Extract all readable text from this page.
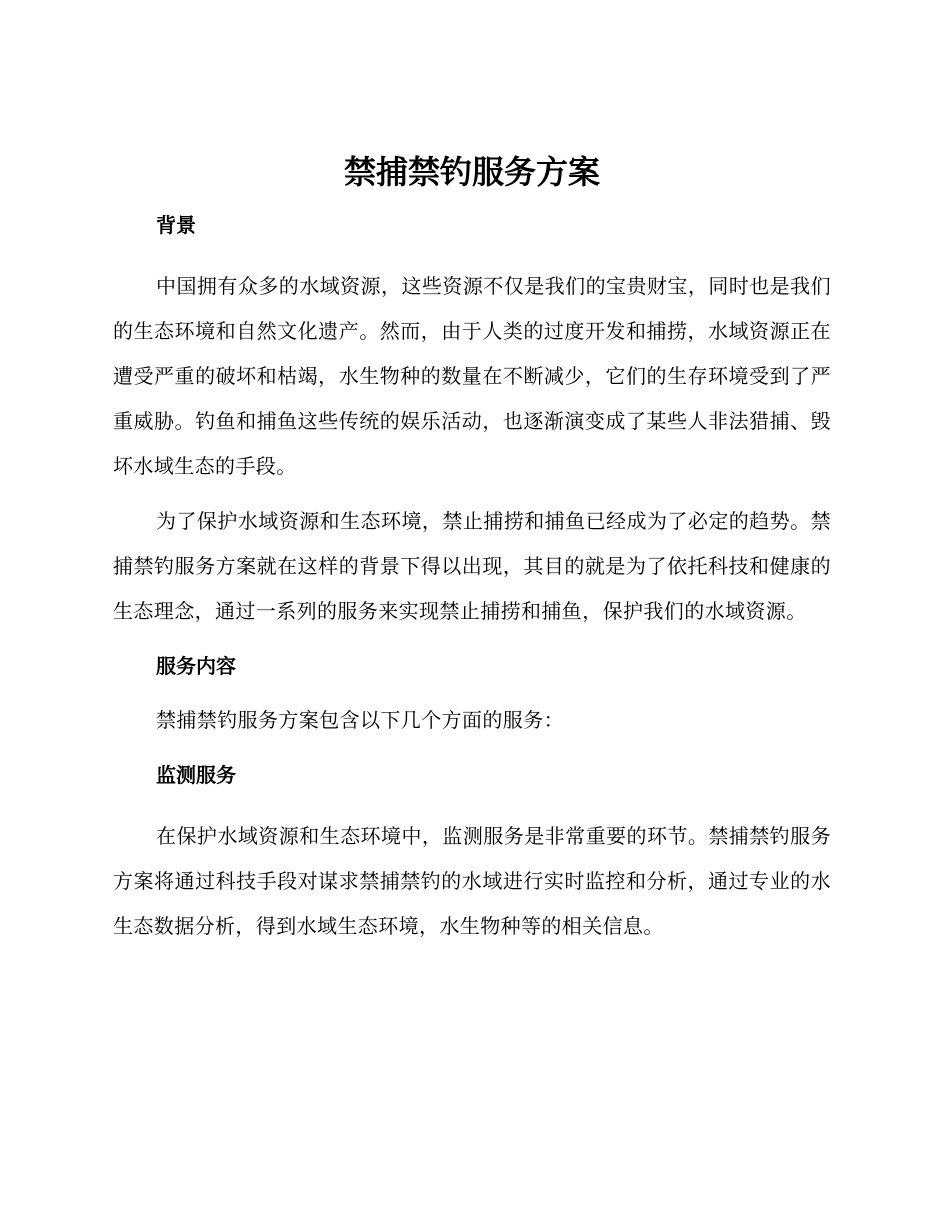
禁捕禁钓服务方案
背景

中国拥有众多的水域资源，这些资源不仅是我们的宝贵财宝，同时也是我们的生态环境和自然文化遗产。然而，由于人类的过度开发和捕捞，水域资源正在遭受严重的破坏和枯竭，水生物种的数量在不断减少，它们的生存环境受到了严重威胁。钓鱼和捕鱼这些传统的娱乐活动，也逐渐演变成了某些人非法猎捕、毁坏水域生态的手段。

为了保护水域资源和生态环境，禁止捕捞和捕鱼已经成为了必定的趋势。禁捕禁钓服务方案就在这样的背景下得以出现，其目的就是为了依托科技和健康的生态理念，通过一系列的服务来实现禁止捕捞和捕鱼，保护我们的水域资源。

服务内容

禁捕禁钓服务方案包含以下几个方面的服务：

监测服务

在保护水域资源和生态环境中，监测服务是非常重要的环节。禁捕禁钓服务方案将通过科技手段对谋求禁捕禁钓的水域进行实时监控和分析，通过专业的水生态数据分析，得到水域生态环境，水生物种等的相关信息。
